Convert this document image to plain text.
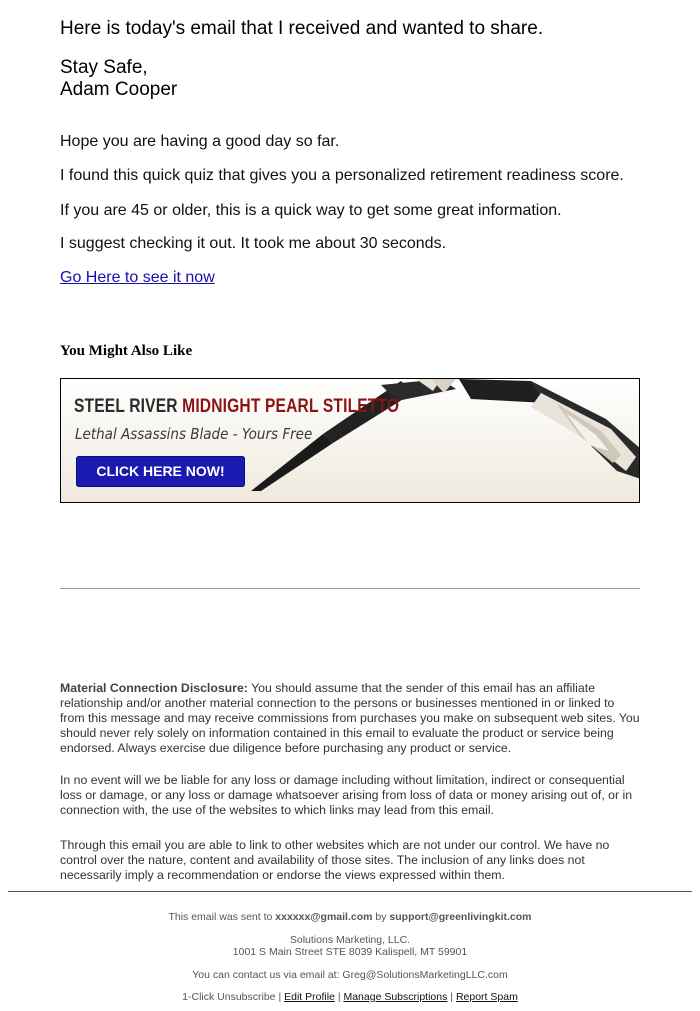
Here is today's email that I received and wanted to share.
Stay Safe,
Adam Cooper

Hope you are having a good day so far.

I found this quick quiz that gives you a personalized retirement readiness score.

If you are 45 or older, this is a quick way to get some great information.

I suggest checking it out. It took me about 30 seconds.

Go Here to see it now
You Might Also Like
STEEL RIVER MIDNIGHT PEARL STILETTO
Lethal Assassins Blade - Yours Free
CLICK HERE NOW!

Material Connection Disclosure: You should assume that the sender of this email has an affiliate relationship and/or another material connection to the persons or businesses mentioned in or linked to from this message and may receive commissions from purchases you make on subsequent web sites. You should never rely solely on information contained in this email to evaluate the product or service being endorsed. Always exercise due diligence before purchasing any product or service.

In no event will we be liable for any loss or damage including without limitation, indirect or consequential loss or damage, or any loss or damage whatsoever arising from loss of data or money arising out of, or in connection with, the use of the websites to which links may lead from this email.

Through this email you are able to link to other websites which are not under our control. We have no control over the nature, content and availability of those sites. The inclusion of any links does not necessarily imply a recommendation or endorse the views expressed within them.

This email was sent to xxxxxx@gmail.com by support@greenlivingkit.com
Solutions Marketing, LLC.
1001 S Main Street STE 8039 Kalispell, MT 59901
You can contact us via email at: Greg@SolutionsMarketingLLC.com
1-Click Unsubscribe | Edit Profile | Manage Subscriptions | Report Spam
